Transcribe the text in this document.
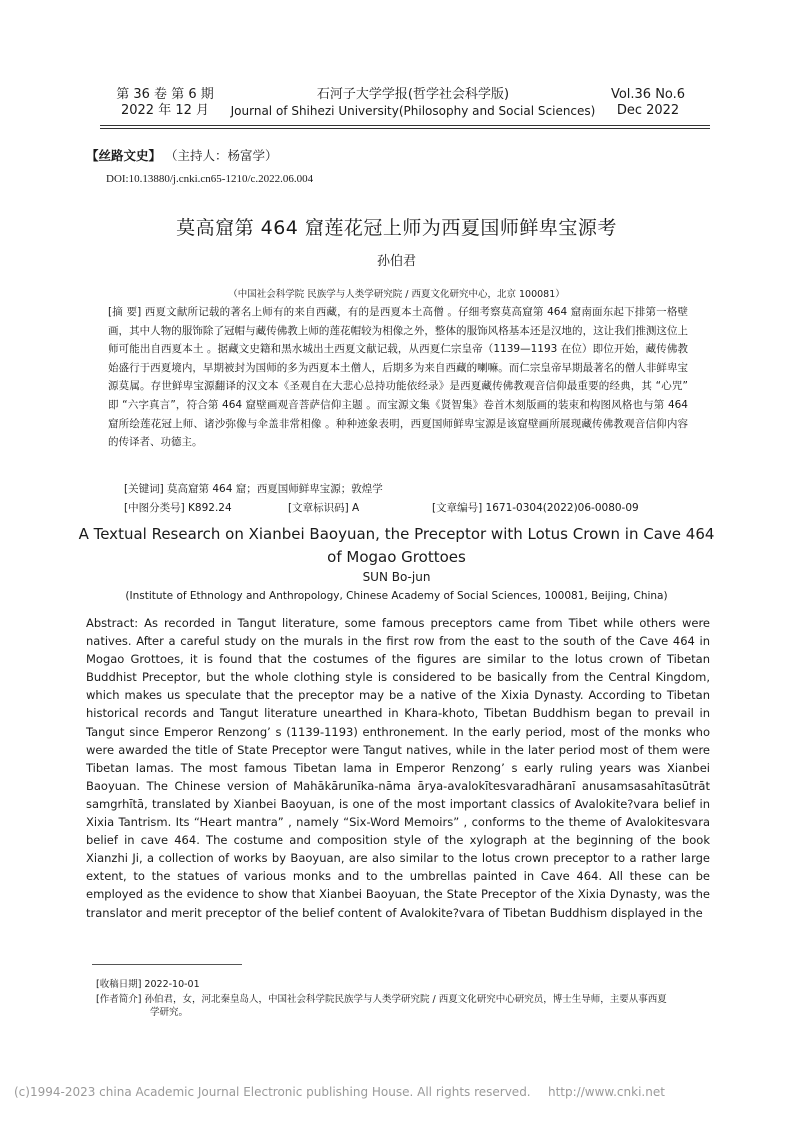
第 36 卷 第 6 期
2022 年 12 月
石河子大学学报(哲学社会科学版)
Journal of Shihezi University(Philosophy and Social Sciences)
Vol.36 No.6
Dec 2022
【丝路文史】 （主持人：杨富学）
DOI:10.13880/j.cnki.cn65-1210/c.2022.06.004
莫高窟第 464 窟莲花冠上师为西夏国师鲜卑宝源考
孙伯君
（中国社会科学院 民族学与人类学研究院 / 西夏文化研究中心，北京 100081）
[摘 要] 西夏文献所记载的著名上师有的来自西藏，有的是西夏本土高僧 。仔细考察莫高窟第 464 窟南面东起下排第一格壁画，其中人物的服饰除了冠帽与藏传佛教上师的莲花帽较为相像之外，整体的服饰风格基本还是汉地的，这让我们推测这位上师可能出自西夏本土 。据藏文史籍和黑水城出土西夏文献记载，从西夏仁宗皇帝（1139—1193 在位）即位开始，藏传佛教始盛行于西夏境内，早期被封为国师的多为西夏本土僧人，后期多为来自西藏的喇嘛。而仁宗皇帝早期最著名的僧人非鲜卑宝源莫属。存世鲜卑宝源翻译的汉文本《圣观自在大悲心总持功能依经录》是西夏藏传佛教观音信仰最重要的经典，其 “心咒” 即 “六字真言”，符合第 464 窟壁画观音菩萨信仰主题 。而宝源文集《贤智集》卷首木刻版画的装束和构图风格也与第 464 窟所绘莲花冠上师、诸沙弥像与伞盖非常相像 。种种迹象表明，西夏国师鲜卑宝源是该窟壁画所展现藏传佛教观音信仰内容的传译者、功德主。
[关键词] 莫高窟第 464 窟；西夏国师鲜卑宝源；敦煌学
[中图分类号] K892.24	[文章标识码] A	[文章编号] 1671-0304(2022)06-0080-09
A Textual Research on Xianbei Baoyuan, the Preceptor with Lotus Crown in Cave 464
of Mogao Grottoes
SUN Bo-jun
(Institute of Ethnology and Anthropology, Chinese Academy of Social Sciences, 100081, Beijing, China)

Abstract: As recorded in Tangut literature, some famous preceptors came from Tibet while others were natives. After a careful study on the murals in the first row from the east to the south of the Cave 464 in Mogao Grottoes, it is found that the costumes of the figures are similar to the lotus crown of Tibetan Buddhist Preceptor, but the whole clothing style is considered to be basically from the Central Kingdom, which makes us speculate that the preceptor may be a native of the Xixia Dynasty. According to Tibetan historical records and Tangut literature unearthed in Khara-khoto, Tibetan Buddhism began to prevail in Tangut since Emperor Renzong’ s (1139-1193) enthronement. In the early period, most of the monks who were awarded the title of State Preceptor were Tangut natives, while in the later period most of them were Tibetan lamas. The most famous Tibetan lama in Emperor Renzong’ s early ruling years was Xianbei Baoyuan. The Chinese version of Mahākārunīka-nāma ārya-avalokītesvaradhāranī anusamsasahītasūtrāt samgrhītā, translated by Xianbei Baoyuan, is one of the most important classics of Avalokite?vara belief in Xixia Tantrism. Its “Heart mantra” , namely “Six-Word Memoirs” , conforms to the theme of Avalokitesvara belief in cave 464. The costume and composition style of the xylograph at the beginning of the book Xianzhi Ji, a collection of works by Baoyuan, are also similar to the lotus crown preceptor to a rather large extent, to the statues of various monks and to the umbrellas painted in Cave 464. All these can be employed as the evidence to show that Xianbei Baoyuan, the State Preceptor of the Xixia Dynasty, was the translator and merit preceptor of the belief content of Avalokite?vara of Tibetan Buddhism displayed in the

[收稿日期] 2022-10-01
[作者简介] 孙伯君，女，河北秦皇岛人，中国社会科学院民族学与人类学研究院 / 西夏文化研究中心研究员，博士生导师，主要从事西夏
学研究。
(c)1994-2023 china Academic Journal Electronic publishing House. All rights reserved. http://www.cnki.net
